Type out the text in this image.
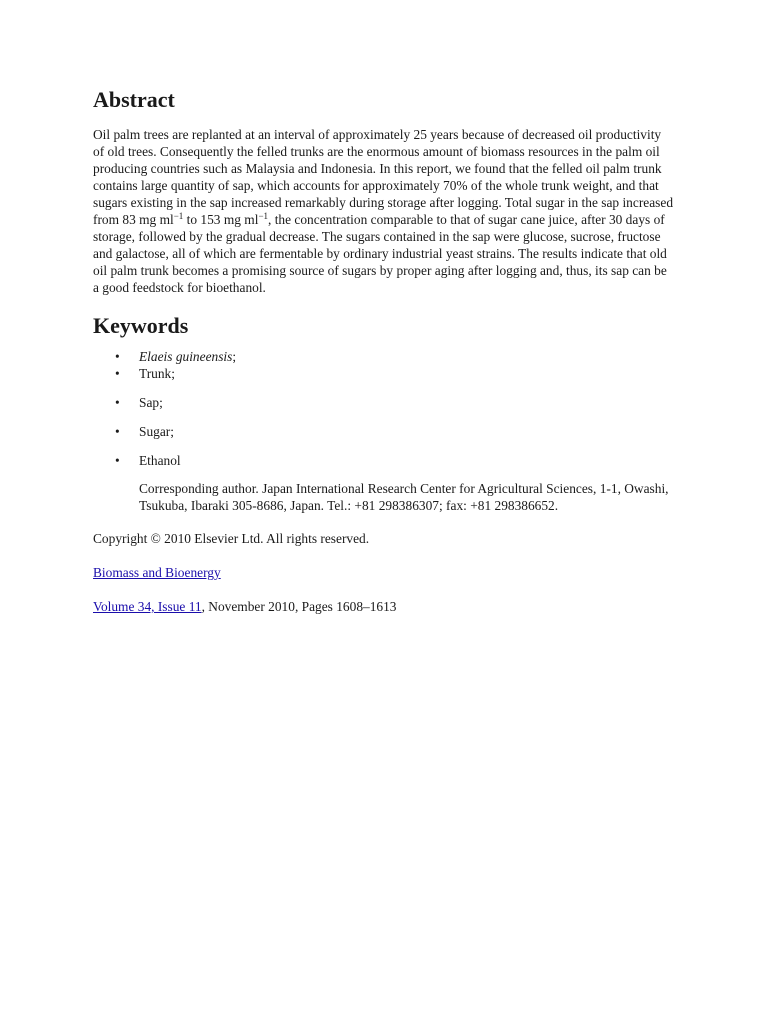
Abstract

Oil palm trees are replanted at an interval of approximately 25 years because of decreased oil productivity of old trees. Consequently the felled trunks are the enormous amount of biomass resources in the palm oil producing countries such as Malaysia and Indonesia. In this report, we found that the felled oil palm trunk contains large quantity of sap, which accounts for approximately 70% of the whole trunk weight, and that sugars existing in the sap increased remarkably during storage after logging. Total sugar in the sap increased from 83 mg $ml^{-1}$ to 153 mg $ml^{-1}$, the concentration comparable to that of sugar cane juice, after 30 days of storage, followed by the gradual decrease. The sugars contained in the sap were glucose, sucrose, fructose and galactose, all of which are fermentable by ordinary industrial yeast strains. The results indicate that old oil palm trunk becomes a promising source of sugars by proper aging after logging and, thus, its sap can be a good feedstock for bioethanol.

Keywords
• Elaeis guineensis;
• Trunk;
• Sap;
• Sugar;
• Ethanol

Corresponding author. Japan International Research Center for Agricultural Sciences, 1-1, Owashi, Tsukuba, Ibaraki 305-8686, Japan. Tel.: +81 298386307; fax: +81 298386652.

Copyright © 2010 Elsevier Ltd. All rights reserved.

Biomass and Bioenergy

Volume 34, Issue 11, November 2010, Pages 1608–1613
